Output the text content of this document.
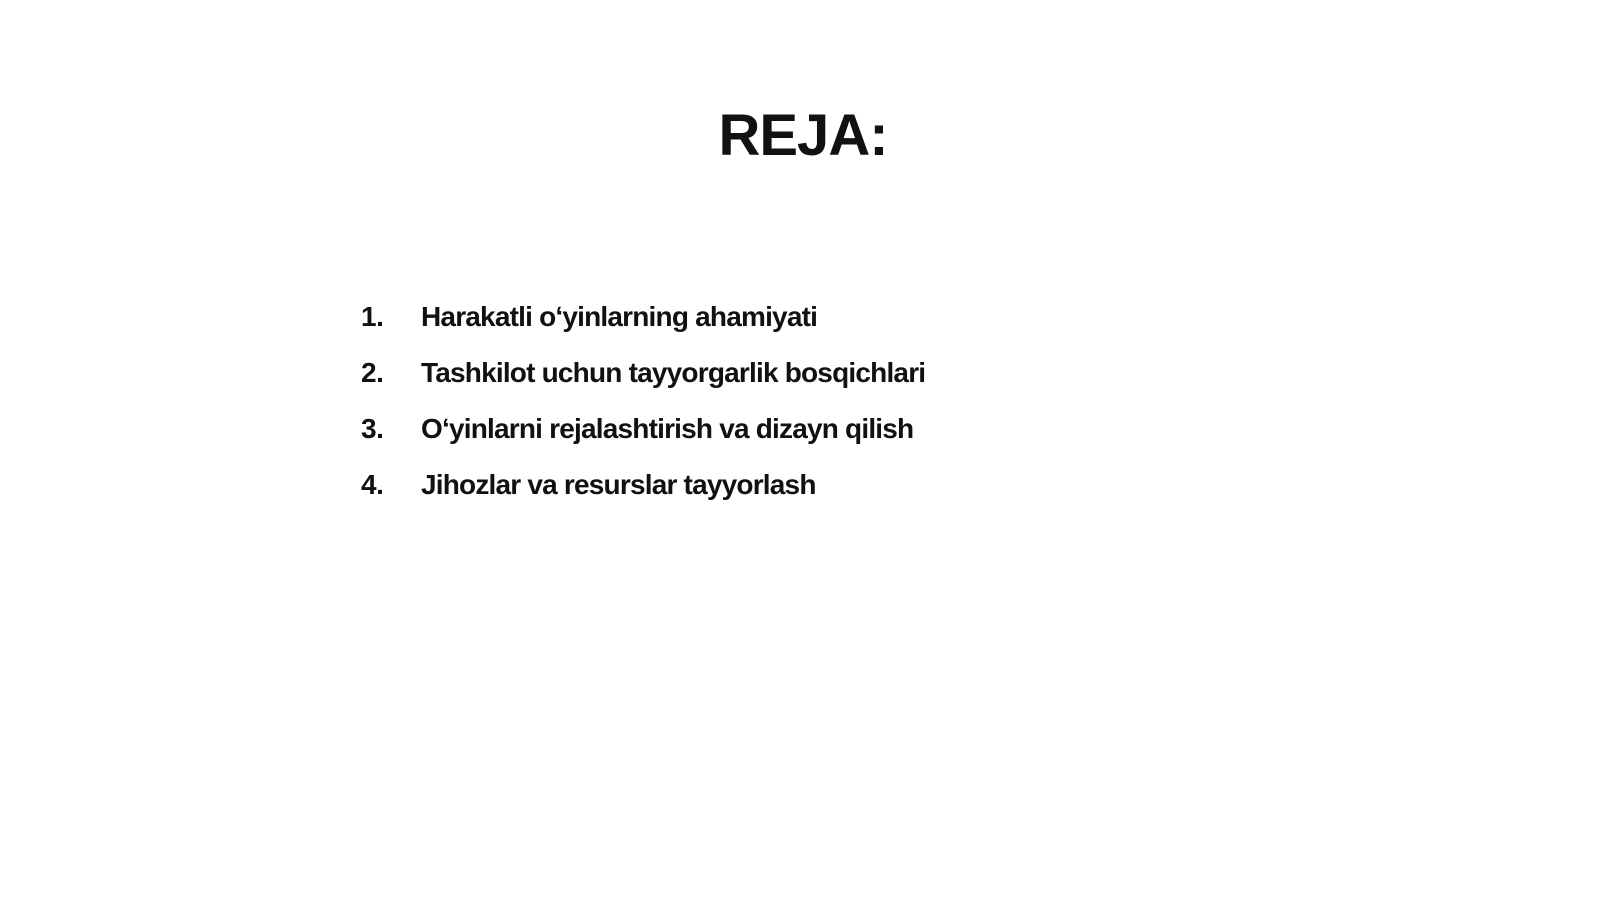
REJA:
1.	Harakatli oʻyinlarning ahamiyati
2.	Tashkilot uchun tayyorgarlik bosqichlari
3.	Oʻyinlarni rejalashtirish va dizayn qilish
4.	Jihozlar va resurslar tayyorlash
